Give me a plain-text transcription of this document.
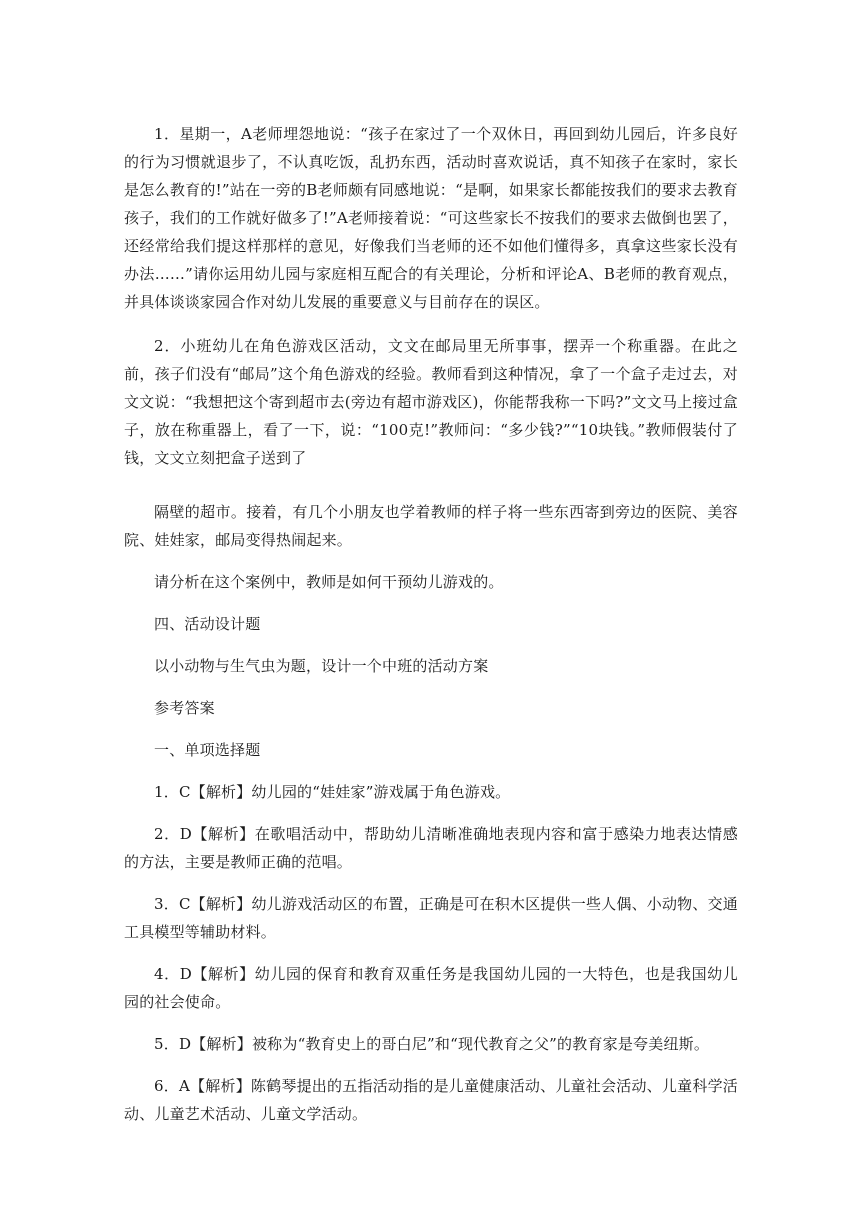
1．星期一，A老师埋怨地说：“孩子在家过了一个双休日，再回到幼儿园后，许多良好的行为习惯就退步了，不认真吃饭，乱扔东西，活动时喜欢说话，真不知孩子在家时，家长是怎么教育的!”站在一旁的B老师颇有同感地说：“是啊，如果家长都能按我们的要求去教育孩子，我们的工作就好做多了!”A老师接着说：“可这些家长不按我们的要求去做倒也罢了，还经常给我们提这样那样的意见，好像我们当老师的还不如他们懂得多，真拿这些家长没有办法……”请你运用幼儿园与家庭相互配合的有关理论，分析和评论A、B老师的教育观点，并具体谈谈家园合作对幼儿发展的重要意义与目前存在的误区。

2．小班幼儿在角色游戏区活动，文文在邮局里无所事事，摆弄一个称重器。在此之前，孩子们没有“邮局”这个角色游戏的经验。教师看到这种情况，拿了一个盒子走过去，对文文说：“我想把这个寄到超市去(旁边有超市游戏区)，你能帮我称一下吗?”文文马上接过盒子，放在称重器上，看了一下，说：“100克!”教师问：“多少钱?”“10块钱。”教师假装付了钱，文文立刻把盒子送到了

隔壁的超市。接着，有几个小朋友也学着教师的样子将一些东西寄到旁边的医院、美容院、娃娃家，邮局变得热闹起来。

请分析在这个案例中，教师是如何干预幼儿游戏的。

四、活动设计题

以小动物与生气虫为题，设计一个中班的活动方案

参考答案

一、单项选择题

1．C【解析】幼儿园的“娃娃家”游戏属于角色游戏。

2．D【解析】在歌唱活动中，帮助幼儿清晰准确地表现内容和富于感染力地表达情感的方法，主要是教师正确的范唱。

3．C【解析】幼儿游戏活动区的布置，正确是可在积木区提供一些人偶、小动物、交通工具模型等辅助材料。

4．D【解析】幼儿园的保育和教育双重任务是我国幼儿园的一大特色，也是我国幼儿园的社会使命。

5．D【解析】被称为“教育史上的哥白尼”和“现代教育之父”的教育家是夸美纽斯。

6．A【解析】陈鹤琴提出的五指活动指的是儿童健康活动、儿童社会活动、儿童科学活动、儿童艺术活动、儿童文学活动。
